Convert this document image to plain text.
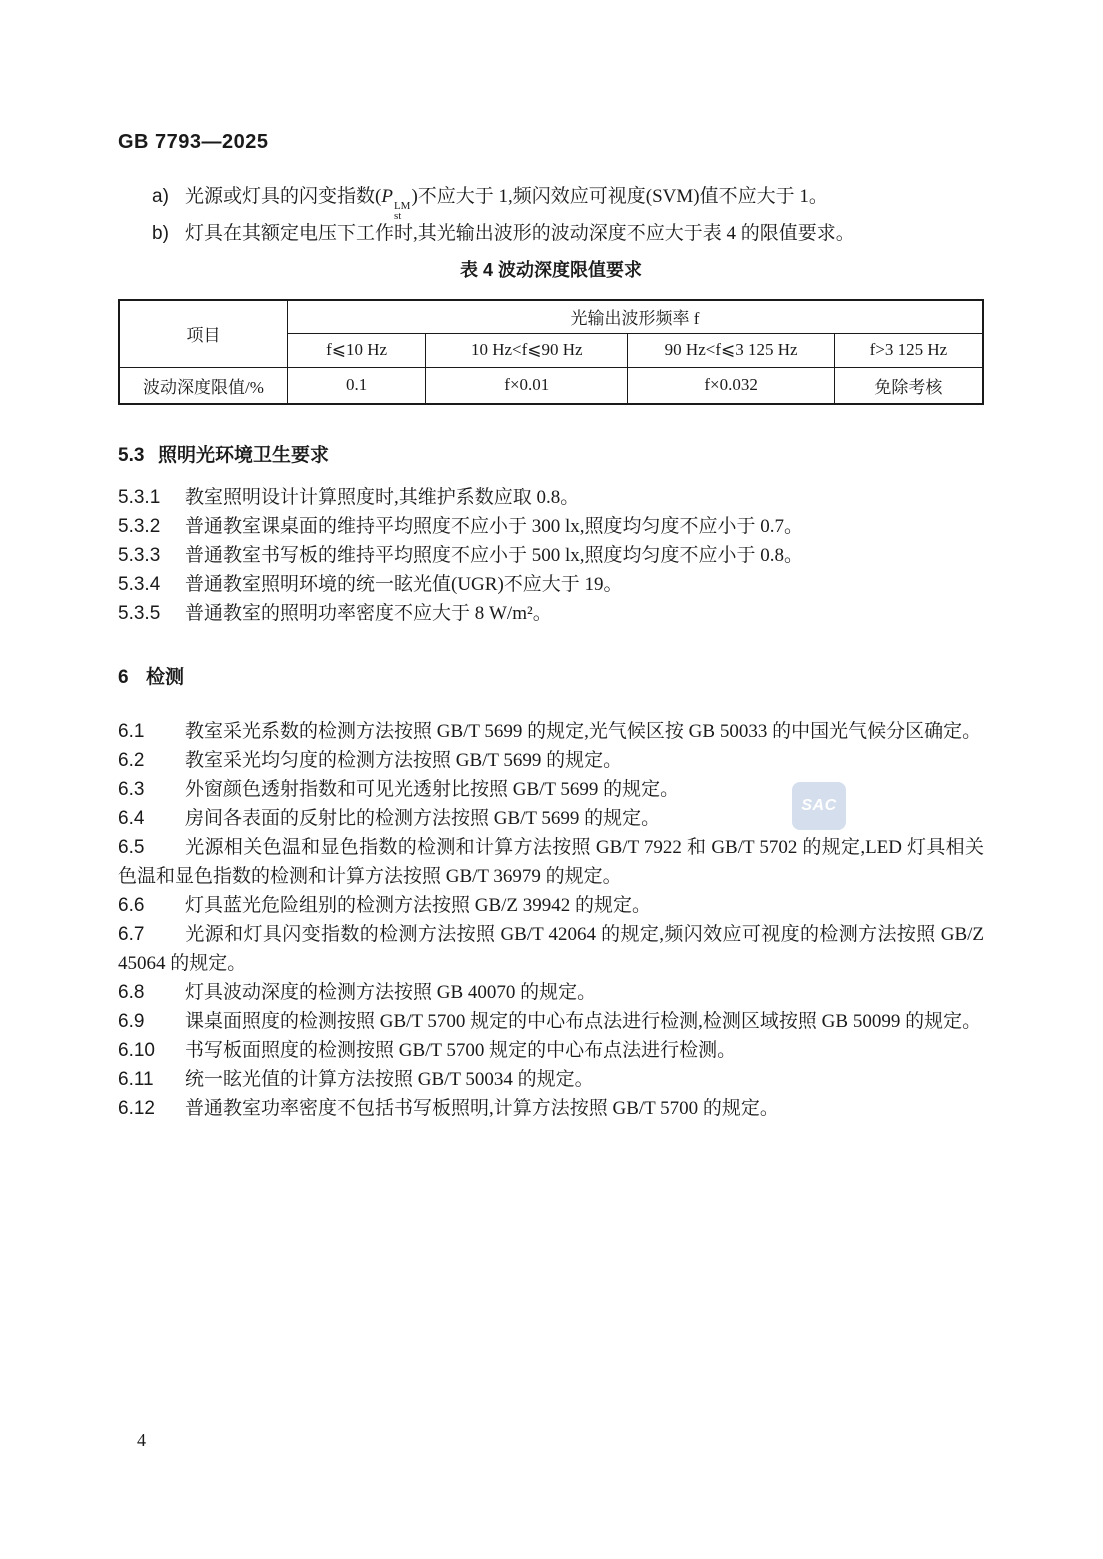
GB 7793—2025
a) 光源或灯具的闪变指数(P LM
st
)不应大于 1,频闪效应可视度(SVM)值不应大于 1。
b) 灯具在其额定电压下工作时,其光输出波形的波动深度不应大于表 4 的限值要求。
表 4 波动深度限值要求
项目	光输出波形频率 f			
	f⩽10 Hz	10 Hz<f⩽90 Hz	90 Hz<f⩽3 125 Hz	f>3 125 Hz
波动深度限值/%	0.1	f×0.01	f×0.032	免除考核
5.3 照明光环境卫生要求

5.3.1 教室照明设计计算照度时,其维护系数应取 0.8。

5.3.2 普通教室课桌面的维持平均照度不应小于 300 lx,照度均匀度不应小于 0.7。

5.3.3 普通教室书写板的维持平均照度不应小于 500 lx,照度均匀度不应小于 0.8。

5.3.4 普通教室照明环境的统一眩光值(UGR)不应大于 19。

5.3.5 普通教室的照明功率密度不应大于 8 W/m²。

6 检测

6.1 教室采光系数的检测方法按照 GB/T 5699 的规定,光气候区按 GB 50033 的中国光气候分区确定。

6.2 教室采光均匀度的检测方法按照 GB/T 5699 的规定。

6.3 外窗颜色透射指数和可见光透射比按照 GB/T 5699 的规定。

6.4 房间各表面的反射比的检测方法按照 GB/T 5699 的规定。

6.5 光源相关色温和显色指数的检测和计算方法按照 GB/T 7922 和 GB/T 5702 的规定,LED 灯具相关色温和显色指数的检测和计算方法按照 GB/T 36979 的规定。

6.6 灯具蓝光危险组别的检测方法按照 GB/Z 39942 的规定。

6.7 光源和灯具闪变指数的检测方法按照 GB/T 42064 的规定,频闪效应可视度的检测方法按照 GB/Z 45064 的规定。

6.8 灯具波动深度的检测方法按照 GB 40070 的规定。

6.9 课桌面照度的检测按照 GB/T 5700 规定的中心布点法进行检测,检测区域按照 GB 50099 的规定。

6.10 书写板面照度的检测按照 GB/T 5700 规定的中心布点法进行检测。

6.11 统一眩光值的计算方法按照 GB/T 50034 的规定。

6.12 普通教室功率密度不包括书写板照明,计算方法按照 GB/T 5700 的规定。

SAC
4
